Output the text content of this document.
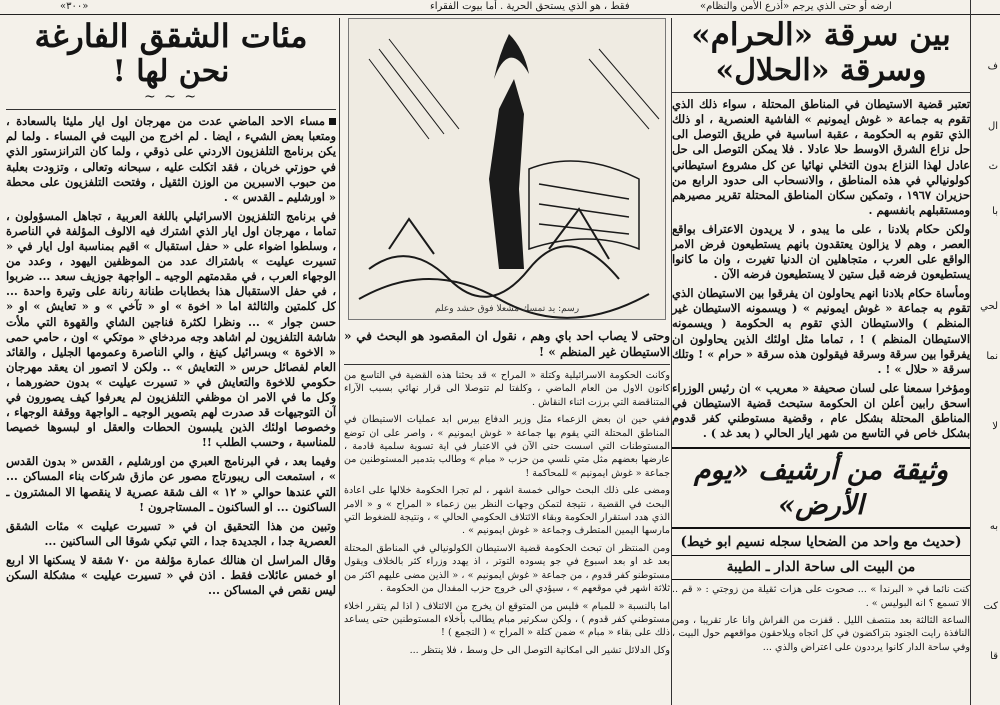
«٣٠٠»	فقط ، هو الذي يستحق الحرية . أما بيوت الفقراء	ارضه أو حتى الذي يرجم «أذرع الأمن والنظام»
مئات الشقق الفارغة
نحن لها !

~ ~ ~

مساء الاحد الماضي عدت من مهرجان اول ايار مليئا بالسعادة ، ومتعبا بعض الشيء ، ايضا . لم اخرج من البيت في المساء . ولما لم يكن برنامج التلفزيون الاردني على ذوقي ، ولما كان الترانزستور الذي في حوزتي خربان ، فقد اتكلت عليه ، سبحانه وتعالى ، وتزودت بعلبة من حبوب الاسبرين من الوزن الثقيل ، وفتحت التلفزيون على محطة « اورشليم ـ القدس » .

في برنامج التلفزيون الاسرائيلي باللغة العربية ، تجاهل المسؤولون ، تماما ، مهرجان اول ايار الذي اشترك فيه الالوف المؤلفة في الناصرة ، وسلطوا اضواء على « حفل استقبال » اقيم بمناسبة اول ايار في « تسيرت عيليت » باشتراك عدد من الموظفين اليهود ، وعدد من الوجهاء العرب ، في مقدمتهم الوجيه ـ الواجهة جوزيف سعد ... ضربوا ، في حفل الاستقبال هذا بخطابات طنانة رنانة على وتيرة واحدة ... كل كلمتين والثالثة اما « اخوة » او « تآخي » و « تعايش » او « حسن جوار » ... ونظرا لكثرة فناجين الشاي والقهوة التي ملأت شاشة التلفزيون لم اشاهد وجه مردخاي « موتكي » اون ، حامي حمى « الاخوة » وبسرائيل كينغ ، والي الناصرة وعمومها الجليل ، والقائد العام لفصائل حرس « التعايش » .. ولكن لا اتصور ان يعقد مهرجان حكومي للاخوة والتعايش في « تسيرت عيليت » بدون حضورهما ، وكل ما في الامر ان موظفي التلفزيون لم يعرفوا كيف يصورون في آن التوجيهات قد صدرت لهم بتصوير الوجيه ـ الواجهة ووقفة الوجهاء ، وخصوصا اولئك الذين يلبسون الحطات والعقل او لبسوها خصيصا للمناسبة ، وحسب الطلب !!

وفيما بعد ، في البرنامج العبري من اورشليم ، القدس « بدون القدس » ، استمعت الى ريبورتاج مصور عن مازق شركات بناء المساكن ... التي عندها حوالي « ١٢ » الف شقة عصرية لا ينقصها الا المشترون ـ الساكنون ... او الساكنون ـ المستاجرون !

وتبين من هذا التحقيق ان في « تسيرت عيليت » مئات الشقق العصرية جدا ، الجديدة جدا ، التي تبكي شوقا الى الساكنين ...

وقال المراسل ان هنالك عمارة مؤلفة من ٧٠ شقة لا يسكنها الا اربع او خمس عائلات فقط . اذن في « تسيرت عيليت » مشكلة السكن ليس نقص في المساكن ...

رسم: يد تمسك مشعلا فوق حشد وعلم

وحتى لا يصاب احد باي وهم ، نقول ان المقصود هو البحث في « الاستيطان غير المنظم » !

وكانت الحكومة الاسرائيلية وكتلة « المراح » قد بحثنا هذه القضية في التاسع من كانون الاول من العام الماضي ، وكلفتا لم تتوصلا الى قرار نهائي بسبب الآراء المتناقضة التي برزت اثناء النقاش .

ففي حين ان بعض الزعماء مثل وزير الدفاع بيرس ابد عمليات الاستيطان في المناطق المحتلة التي يقوم بها جماعة « غوش ايمونيم » ، واصر على ان توضع المستوطنات التي اسست حتى الآن في الاعتبار في اية تسوية سلمية قادمة ، عارضها بعضهم مثل متي نلسي من حزب « مبام » وطالب بتدمير المستوطنين من جماعة « غوش ايمونيم » للمحاكمة !

ومضى على ذلك البحث حوالى خمسة اشهر ، لم تجرا الحكومة خلالها على اعادة البحث في القضية ، نتيجة لتمكن وجهات النظر بين زعماء « المراح » و « الامر الذي هدد استقرار الحكومة وبقاء الائتلاف الحكومي الحالي » ، ونتيجة للضغوط التي مارسها اليمين المتطرف وجماعة « غوش ايمونيم » .

ومن المنتظر ان تبحث الحكومة قضية الاستيطان الكولونيالي في المناطق المحتلة بعد غد او بعد اسبوع في جو يسوده التوتر ، اذ يهدد وزراء كثر بالخلاف ويقول مستوطنو كفر قدوم ، من جماعة « غوش ايمونيم » ، « الذين مضى عليهم اكثر من ثلاثة اشهر في موقعهم » ، سيؤدي الى خروج حزب المفدال من الحكومة .

اما بالنسبة « للمبام » فليس من المتوقع ان يخرج من الائتلاف ( اذا لم يتقرر اخلاء مستوطني كفر قدوم ) ، ولكن سكرتير مبام يطالب بأخلاء المستوطنين حتى يساعد ذلك على بقاء « مبام » ضمن كتلة « المراح » ( التجمع ) !

وكل الدلائل تشير الى امكانية التوصل الى حل وسط ، فلا ينتظر ...

بين سرقة «الحرام»
وسرقة «الحلال»

تعتبر قضية الاستيطان في المناطق المحتلة ، سواء ذلك الذي تقوم به جماعة « غوش ايمونيم » الفاشية العنصرية ، او ذلك الذي تقوم به الحكومة ، عقبة اساسية في طريق التوصل الى حل نزاع الشرق الاوسط حلا عادلا . فلا يمكن التوصل الى حل عادل لهذا النزاع بدون التخلي نهائيا عن كل مشروع استيطاني كولونيالي في هذه المناطق ، والانسحاب الى حدود الرابع من حزيران ١٩٦٧ ، وتمكين سكان المناطق المحتلة تقرير مصيرهم ومستقبلهم بانفسهم .

ولكن حكام بلادنا ، على ما يبدو ، لا يريدون الاعتراف بواقع العصر ، وهم لا يزالون يعتقدون بانهم يستطيعون فرض الامر الواقع على العرب ، متجاهلين ان الدنيا تغيرت ، وان ما كانوا يستطيعون فرضه قبل ستين لا يستطيعون فرضه الآن .

ومأساة حكام بلادنا انهم يحاولون ان يفرقوا بين الاستيطان الذي تقوم به جماعة « غوش ايمونيم » ( ويسمونه الاستيطان غير المنظم ) والاستيطان الذي تقوم به الحكومة ( ويسمونه الاستيطان المنظم ) ! ، تماما مثل اولئك الذين يحاولون ان يفرقوا بين سرقة وسرقة فيقولون هذه سرقة « حرام » ! وتلك سرقة « حلال » ! .

ومؤخرا سمعنا على لسان صحيفة « معريب » ان رئيس الوزراء اسحق رابين أعلن ان الحكومة ستبحث قضية الاستيطان في المناطق المحتلة بشكل عام ، وقضية مستوطني كفر قدوم بشكل خاص في التاسع من شهر ايار الحالي ( بعد غد ) .

وثيقة من أرشيف «يوم الأرض»

(حديث مع واحد من الضحايا سجله نسيم ابو خيط)

من البيت الى ساحة الدار ـ الطيبة

كنت نائما في « البرندا » ... صحوت على هزات ثقيلة من زوجتي : « قم .. الا تسمع ؟ انه البوليس » .

الساعة الثالثة بعد منتصف الليل . قفزت من الفراش وانا عار تقريبا ، ومن النافذة رايت الجنود بتراكضون في كل اتجاه ويلاحقون مواقعهم حول البيت ، وفي ساحة الدار كانوا يرددون على اعتراض والذي ...

ف
ال
ث
با
لحي
نما
لا
به
كت
قا
